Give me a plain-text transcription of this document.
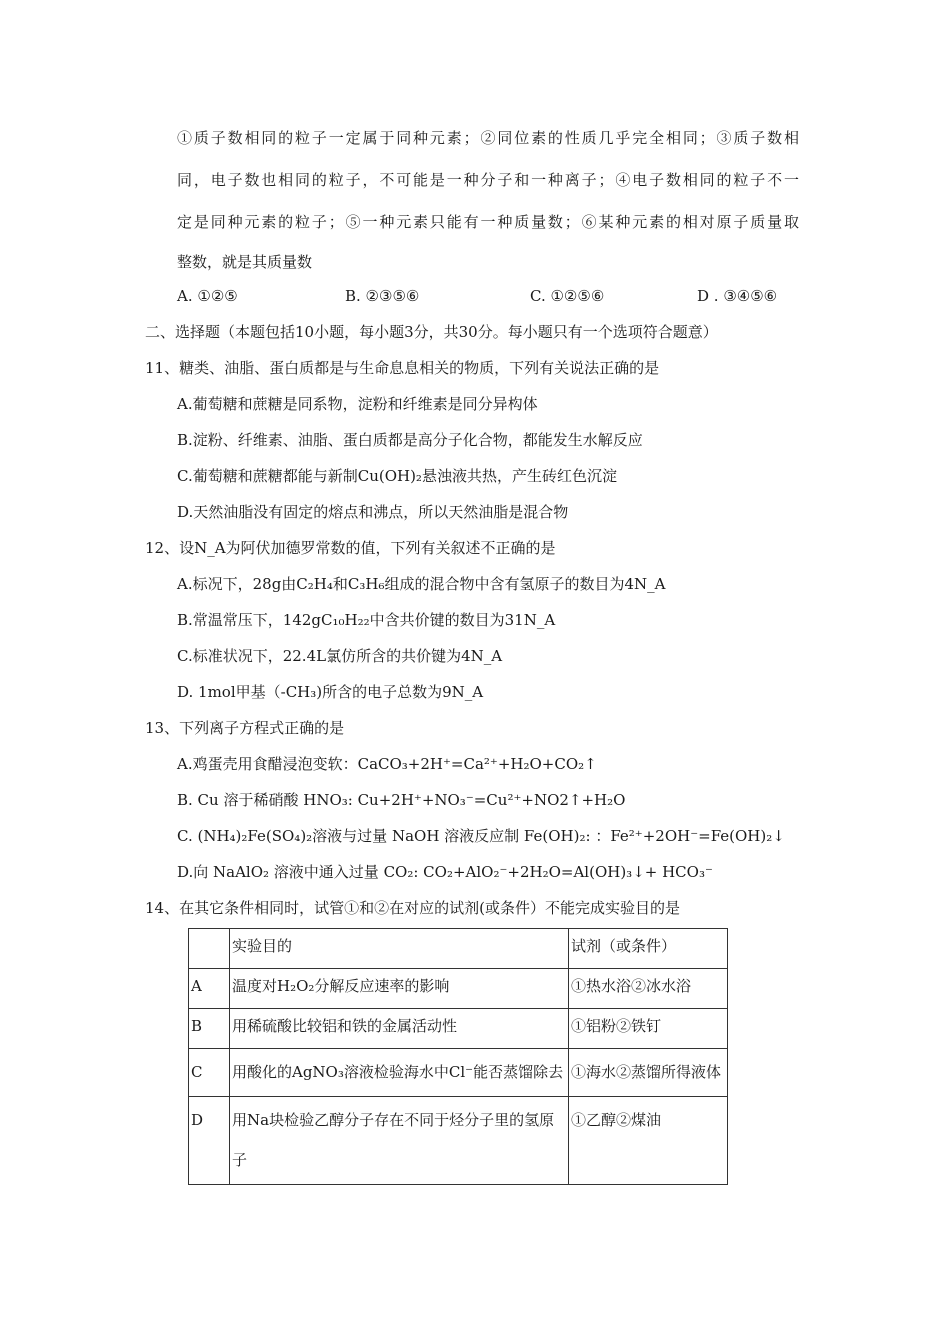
①质子数相同的粒子一定属于同种元素；②同位素的性质几乎完全相同；③质子数相
同，电子数也相同的粒子，不可能是一种分子和一种离子；④电子数相同的粒子不一
定是同种元素的粒子；⑤一种元素只能有一种质量数；⑥某种元素的相对原子质量取
整数，就是其质量数
A. ①②⑤	B. ②③⑤⑥	C. ①②⑤⑥	D . ③④⑤⑥
二、选择题（本题包括10小题，每小题3分，共30分。每小题只有一个选项符合题意）
11、糖类、油脂、蛋白质都是与生命息息相关的物质，下列有关说法正确的是
A.葡萄糖和蔗糖是同系物，淀粉和纤维素是同分异构体
B.淀粉、纤维素、油脂、蛋白质都是高分子化合物，都能发生水解反应
C.葡萄糖和蔗糖都能与新制Cu(OH)₂悬浊液共热，产生砖红色沉淀
D.天然油脂没有固定的熔点和沸点，所以天然油脂是混合物
12、设N_A为阿伏加德罗常数的值，下列有关叙述不正确的是
A.标况下，28g由C₂H₄和C₃H₆组成的混合物中含有氢原子的数目为4N_A
B.常温常压下，142gC₁₀H₂₂中含共价键的数目为31N_A
C.标准状况下，22.4L氯仿所含的共价键为4N_A
D. 1mol甲基（-CH₃)所含的电子总数为9N_A
13、下列离子方程式正确的是
A.鸡蛋壳用食醋浸泡变软：CaCO₃+2H⁺=Ca²⁺+H₂O+CO₂↑
B. Cu 溶于稀硝酸 HNO₃: Cu+2H⁺+NO₃⁻=Cu²⁺+NO2↑+H₂O
C. (NH₄)₂Fe(SO₄)₂溶液与过量 NaOH 溶液反应制 Fe(OH)₂: ：Fe²⁺+2OH⁻=Fe(OH)₂↓
D.向 NaAlO₂ 溶液中通入过量 CO₂: CO₂+AlO₂⁻+2H₂O=Al(OH)₃↓+ HCO₃⁻
14、在其它条件相同时，试管①和②在对应的试剂(或条件）不能完成实验目的是
	实验目的	试剂（或条件）
A	温度对H₂O₂分解反应速率的影响	①热水浴②冰水浴
B	用稀硫酸比较铝和铁的金属活动性	①铝粉②铁钉
C	用酸化的AgNO₃溶液检验海水中Cl⁻能否蒸馏除去	①海水②蒸馏所得液体
D	用Na块检验乙醇分子存在不同于烃分子里的氢原子	①乙醇②煤油
